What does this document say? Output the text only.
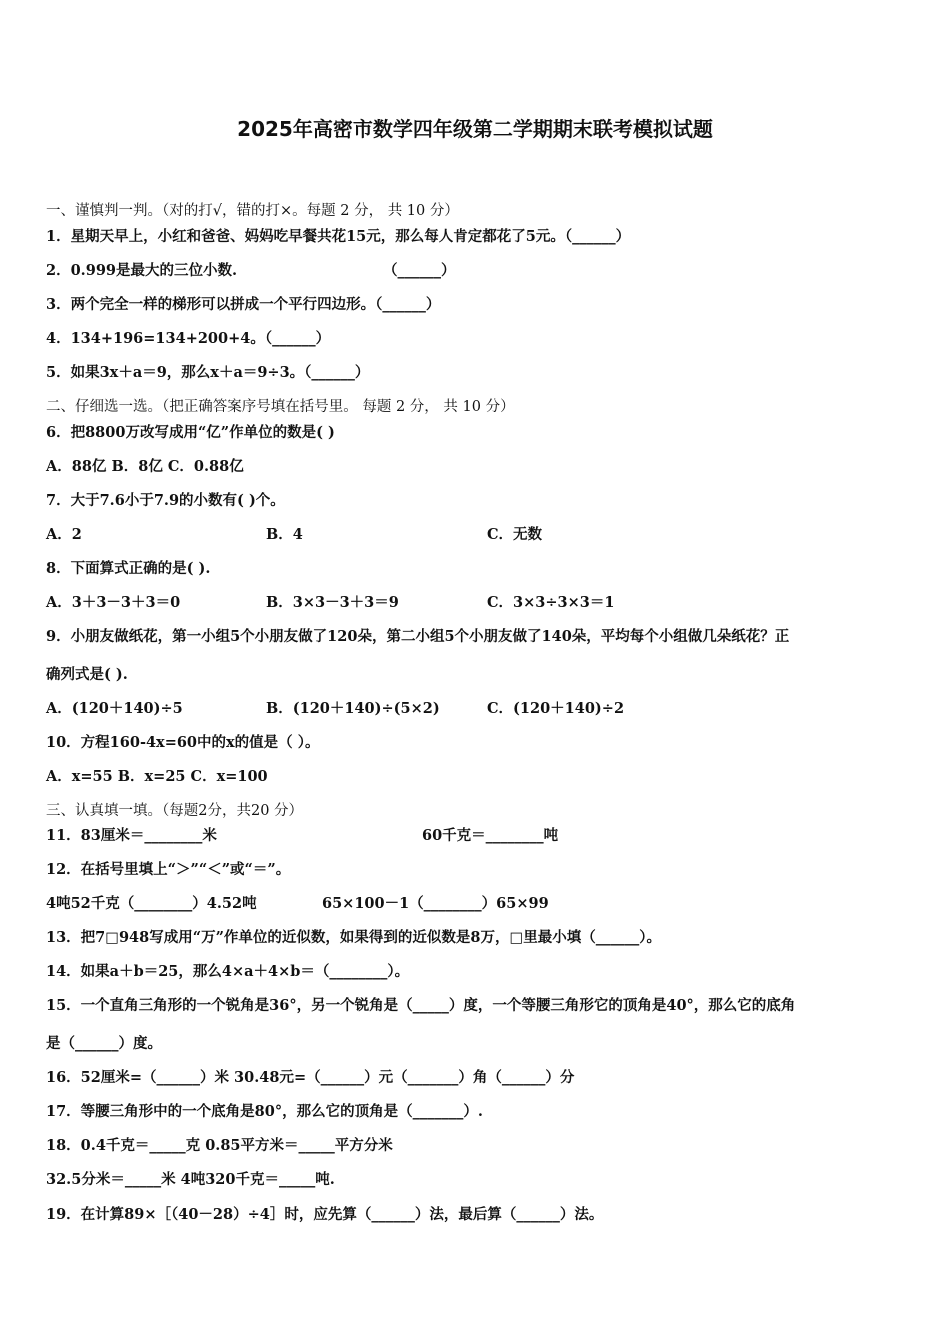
2025年高密市数学四年级第二学期期末联考模拟试题
一、谨慎判一判。（对的打√，错的打×。每题 2 分， 共 10 分）
1．星期天早上，小红和爸爸、妈妈吃早餐共花15元，那么每人肯定都花了5元。（______）
2．0.999是最大的三位小数.	（______）
3．两个完全一样的梯形可以拼成一个平行四边形。（______）
4．134+196=134+200+4。（______）
5．如果3x＋a＝9，那么x＋a＝9÷3。（______）
二、仔细选一选。（把正确答案序号填在括号里。 每题 2 分， 共 10 分）
6．把8800万改写成用“亿”作单位的数是( )
A．88亿 B．8亿 C．0.88亿
7．大于7.6小于7.9的小数有( )个。
A．2	B．4	C．无数
8．下面算式正确的是( ).
A．3＋3－3＋3＝0	B．3×3－3＋3＝9	C．3×3÷3×3＝1
9．小朋友做纸花，第一小组5个小朋友做了120朵，第二小组5个小朋友做了140朵，平均每个小组做几朵纸花？正
确列式是( ).
A．(120＋140)÷5	B．(120＋140)÷(5×2)	C．(120＋140)÷2
10．方程160-4x=60中的x的值是（ ）。
A．x=55 B．x=25 C．x=100
三、认真填一填。（每题2分，共20 分）
11．83厘米＝________米	60千克＝________吨
12．在括号里填上“＞”“＜”或“＝”。
4吨52千克（________）4.52吨	65×100－1（________）65×99
13．把7□948写成用“万”作单位的近似数，如果得到的近似数是8万，□里最小填（______）。
14．如果a＋b＝25，那么4×a＋4×b＝（________）。
15．一个直角三角形的一个锐角是36°，另一个锐角是（_____）度，一个等腰三角形它的顶角是40°，那么它的底角
是（______）度。
16．52厘米=（______）米 30.48元=（______）元（_______）角（______）分
17．等腰三角形中的一个底角是80°，那么它的顶角是（_______）.
18．0.4千克＝_____克 0.85平方米＝_____平方分米
32.5分米＝_____米 4吨320千克＝_____吨.
19．在计算89×［（40－28）÷4］时，应先算（______）法，最后算（______）法。
